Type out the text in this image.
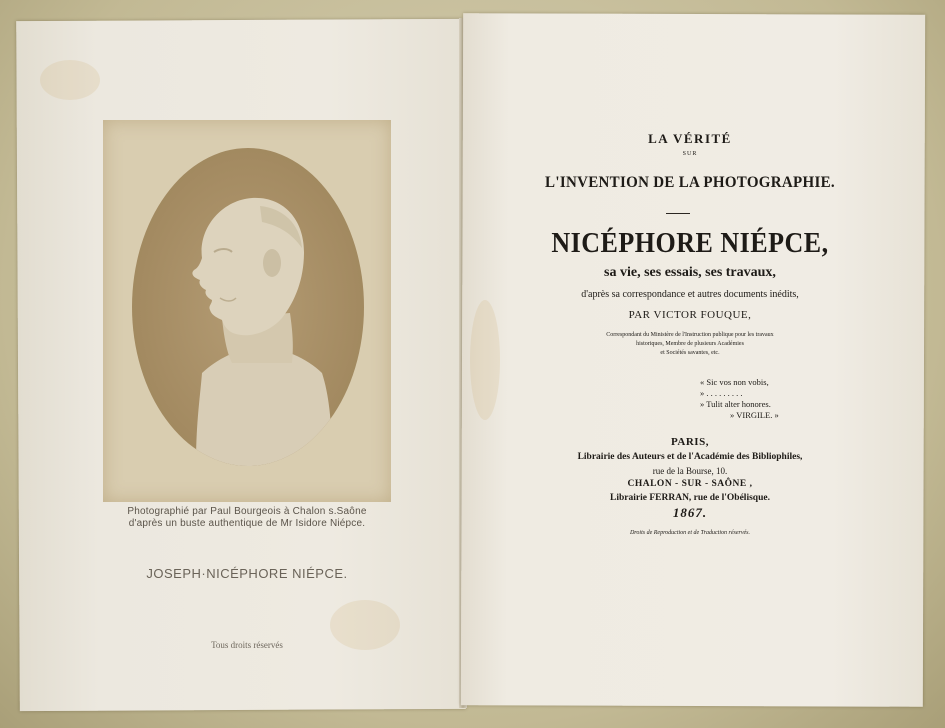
Photographié par Paul Bourgeois à Chalon s.Saône
d'après un buste authentique de Mr Isidore Niépce.
JOSEPH·NICÉPHORE NIÉPCE.
Tous droits réservés
LA VÉRITÉ
SUR
L'INVENTION DE LA PHOTOGRAPHIE.
NICÉPHORE NIÉPCE,
sa vie, ses essais, ses travaux,
d'après sa correspondance et autres documents inédits,
PAR VICTOR FOUQUE,
Correspondant du Ministère de l'Instruction publique pour les travaux
historiques, Membre de plusieurs Académies
et Sociétés savantes, etc.
« Sic vos non vobis,
» . . . . . . . . .
» Tulit alter honores.
» VIRGILE. »
PARIS,
Librairie des Auteurs et de l'Académie des Bibliophiles,
rue de la Bourse, 10.
CHALON - SUR - SAÔNE ,
Librairie FERRAN, rue de l'Obélisque.
1867.
Droits de Reproduction et de Traduction réservés.
